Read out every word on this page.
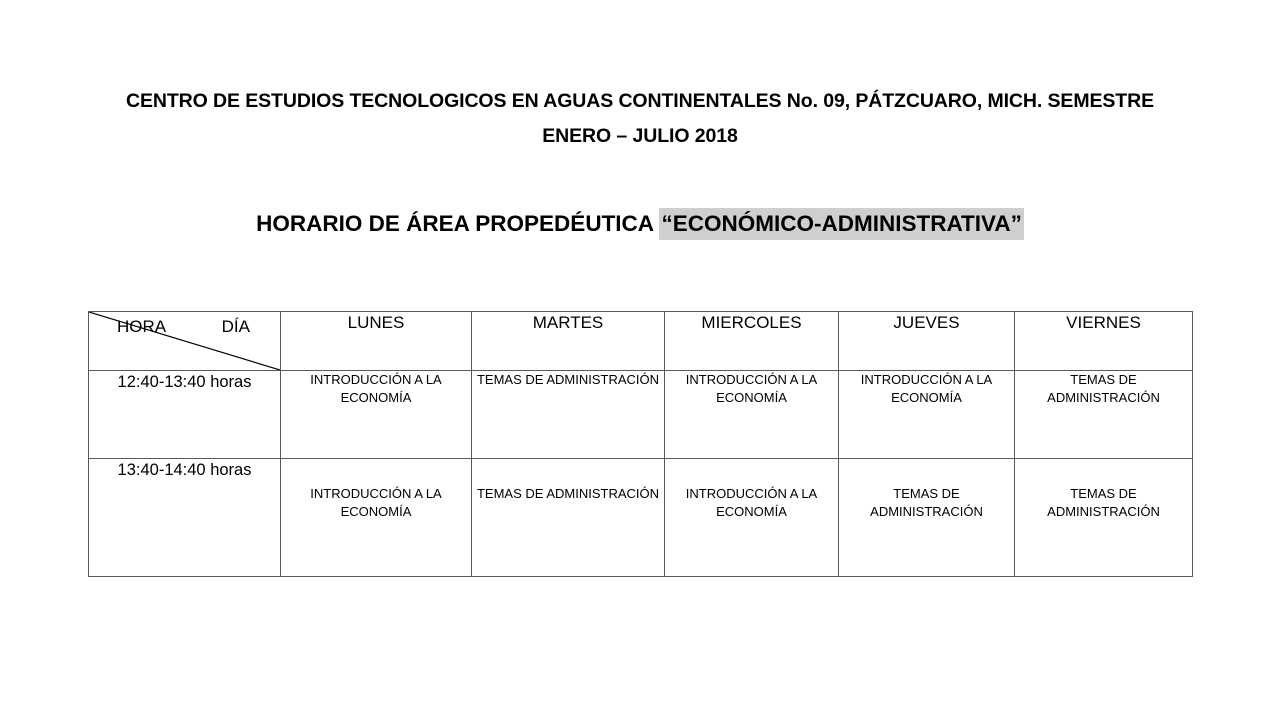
CENTRO DE ESTUDIOS TECNOLOGICOS EN AGUAS CONTINENTALES No. 09, PÁTZCUARO, MICH. SEMESTRE
ENERO – JULIO 2018
HORARIO DE ÁREA PROPEDÉUTICA “ECONÓMICO-ADMINISTRATIVA”
HORA DÍA	LUNES	MARTES	MIERCOLES	JUEVES	VIERNES
12:40-13:40 horas	INTRODUCCIÓN A LA ECONOMÍA	TEMAS DE ADMINISTRACIÓN	INTRODUCCIÓN A LA ECONOMÍA	INTRODUCCIÓN A LA ECONOMÍA	TEMAS DE ADMINISTRACIÓN
13:40-14:40 horas	INTRODUCCIÓN A LA ECONOMÍA	TEMAS DE ADMINISTRACIÓN	INTRODUCCIÓN A LA ECONOMÍA	TEMAS DE ADMINISTRACIÓN	TEMAS DE ADMINISTRACIÓN
